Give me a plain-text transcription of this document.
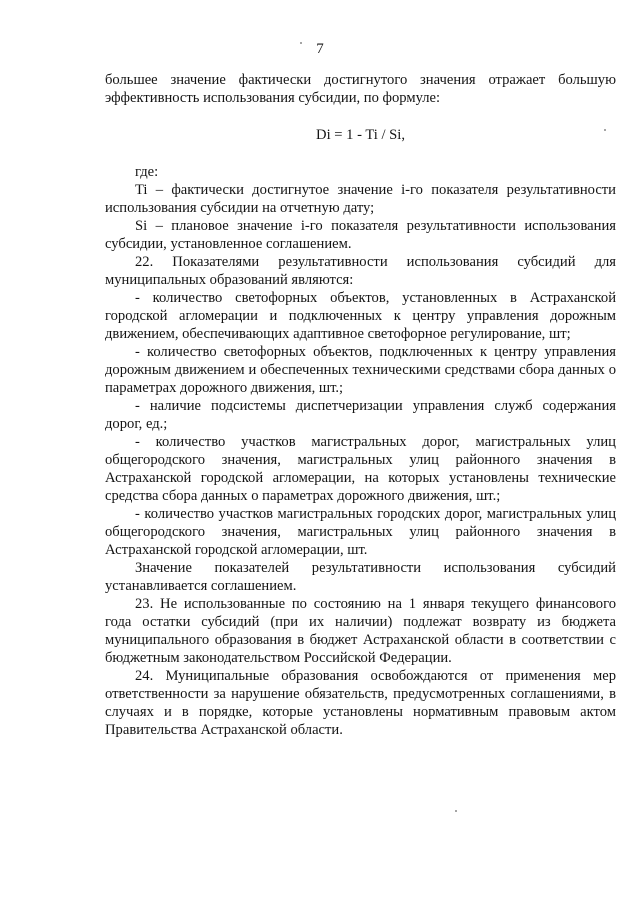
7

большее значение фактически достигнутого значения отражает большую эффективность использования субсидии, по формуле:

Di = 1 - Ti / Si,

где:

Ti – фактически достигнутое значение i-го показателя результативности использования субсидии на отчетную дату;

Si – плановое значение i-го показателя результативности использования субсидии, установленное соглашением.

22. Показателями результативности использования субсидий для муниципальных образований являются:

- количество светофорных объектов, установленных в Астраханской городской агломерации и подключенных к центру управления дорожным движением, обеспечивающих адаптивное светофорное регулирование, шт;

- количество светофорных объектов, подключенных к центру управления дорожным движением и обеспеченных техническими средствами сбора данных о параметрах дорожного движения, шт.;

- наличие подсистемы диспетчеризации управления служб содержания дорог, ед.;

- количество участков магистральных дорог, магистральных улиц общегородского значения, магистральных улиц районного значения в Астраханской городской агломерации, на которых установлены технические средства сбора данных о параметрах дорожного движения, шт.;

- количество участков магистральных городских дорог, магистральных улиц общегородского значения, магистральных улиц районного значения в Астраханской городской агломерации, шт.

Значение показателей результативности использования субсидий устанавливается соглашением.

23. Не использованные по состоянию на 1 января текущего финансового года остатки субсидий (при их наличии) подлежат возврату из бюджета муниципального образования в бюджет Астраханской области в соответствии с бюджетным законодательством Российской Федерации.

24. Муниципальные образования освобождаются от применения мер ответственности за нарушение обязательств, предусмотренных соглашениями, в случаях и в порядке, которые установлены нормативным правовым актом Правительства Астраханской области.
